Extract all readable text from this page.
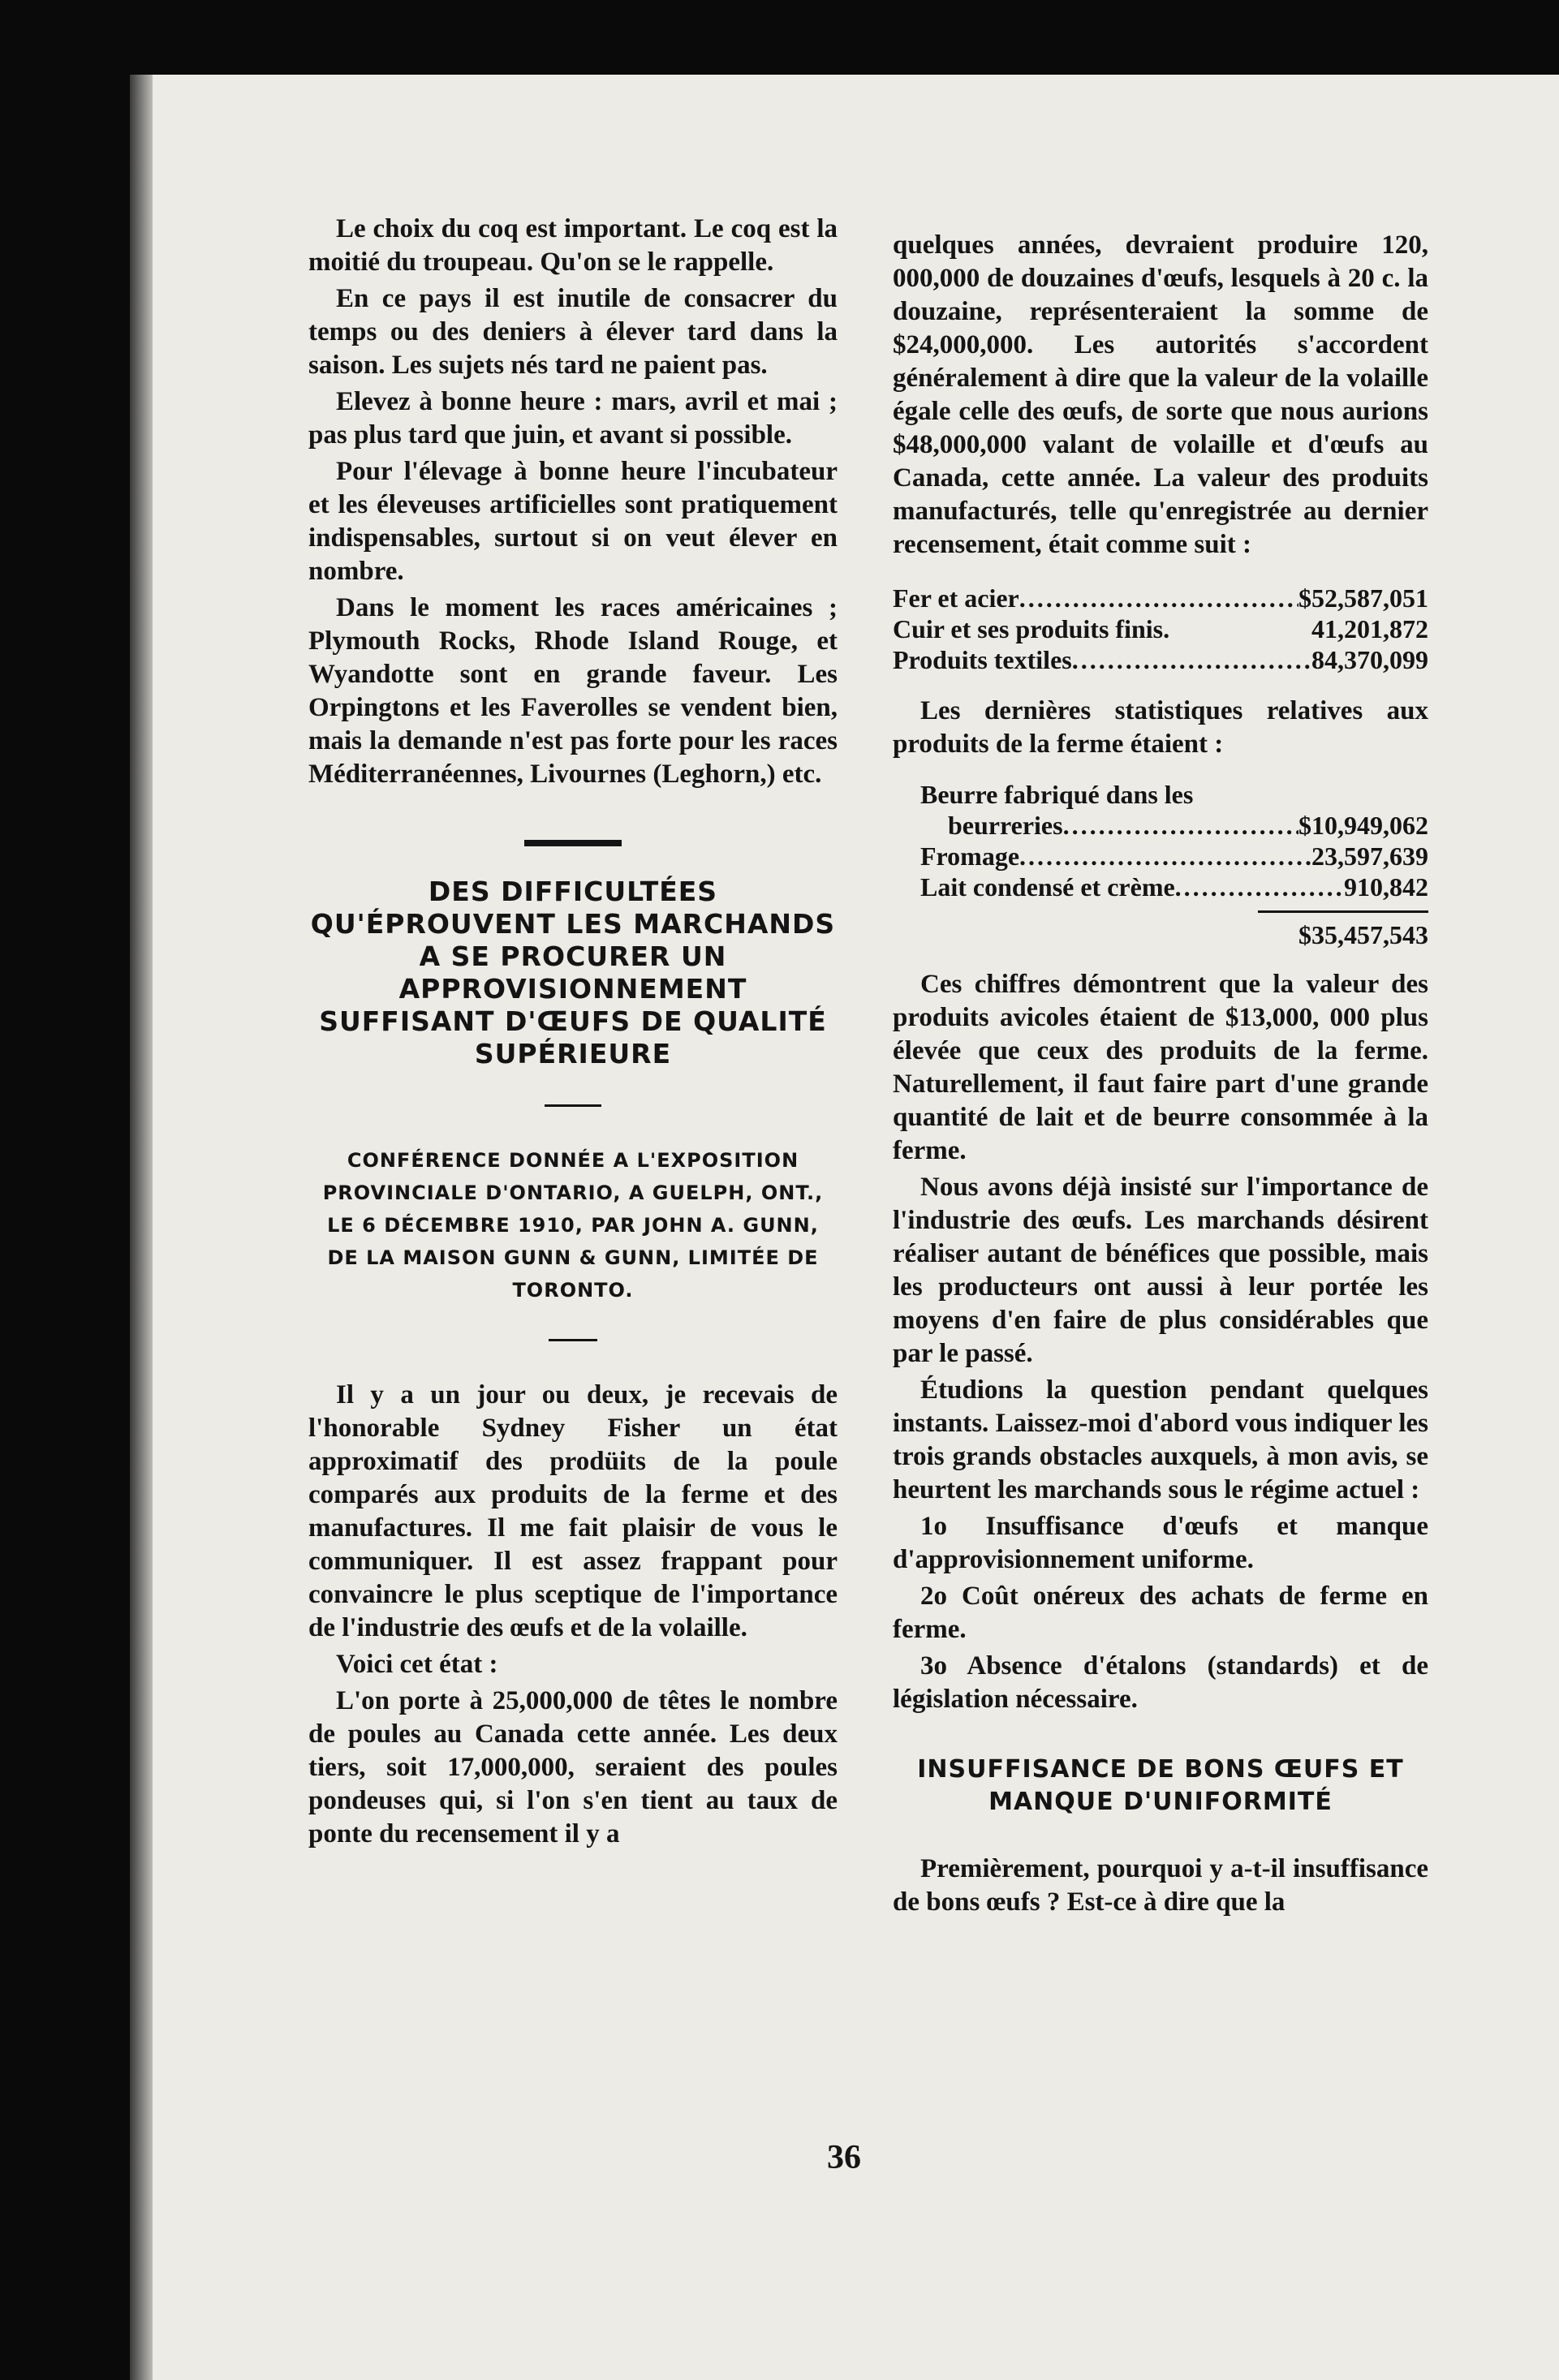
Le choix du coq est important. Le coq est la moitié du troupeau. Qu'on se le rappelle.

En ce pays il est inutile de consacrer du temps ou des deniers à élever tard dans la saison. Les sujets nés tard ne paient pas.

Elevez à bonne heure : mars, avril et mai ; pas plus tard que juin, et avant si possible.

Pour l'élevage à bonne heure l'incubateur et les éleveuses artificielles sont pratiquement indispensables, surtout si on veut élever en nombre.

Dans le moment les races américaines ; Plymouth Rocks, Rhode Island Rouge, et Wyandotte sont en grande faveur. Les Orpingtons et les Faverolles se vendent bien, mais la demande n'est pas forte pour les races Méditerranéennes, Livournes (Leghorn,) etc.

DES DIFFICULTÉES QU'ÉPROUVENT LES MARCHANDS A SE PROCURER UN APPROVISIONNEMENT SUFFISANT D'ŒUFS DE QUALITÉ SUPÉRIEURE
CONFÉRENCE DONNÉE A L'EXPOSITION PROVINCIALE D'ONTARIO, A GUELPH, ONT., LE 6 DÉCEMBRE 1910, PAR JOHN A. GUNN, DE LA MAISON GUNN & GUNN, LIMITÉE DE TORONTO.

Il y a un jour ou deux, je recevais de l'honorable Sydney Fisher un état approximatif des prodüits de la poule comparés aux produits de la ferme et des manufactures. Il me fait plaisir de vous le communiquer. Il est assez frappant pour convaincre le plus sceptique de l'importance de l'industrie des œufs et de la volaille.

Voici cet état :

L'on porte à 25,000,000 de têtes le nombre de poules au Canada cette année. Les deux tiers, soit 17,000,000, seraient des poules pondeuses qui, si l'on s'en tient au taux de ponte du recensement il y a

quelques années, devraient produire 120, 000,000 de douzaines d'œufs, lesquels à 20 c. la douzaine, représenteraient la somme de $24,000,000. Les autorités s'accordent généralement à dire que la valeur de la volaille égale celle des œufs, de sorte que nous aurions $48,000,000 valant de volaille et d'œufs au Canada, cette année. La valeur des produits manufacturés, telle qu'enregistrée au dernier recensement, était comme suit :

Fer et acier .....	$52,587,051
Cuir et ses produits finis.	41,201,872
Produits textiles .....	84,370,099

Les dernières statistiques relatives aux produits de la ferme étaient :

Beurre fabriqué dans les
beurreries .....	$10,949,062
Fromage .....	23,597,639
Lait condensé et crème .....	910,842
$35,457,543

Ces chiffres démontrent que la valeur des produits avicoles étaient de $13,000, 000 plus élevée que ceux des produits de la ferme. Naturellement, il faut faire part d'une grande quantité de lait et de beurre consommée à la ferme.

Nous avons déjà insisté sur l'importance de l'industrie des œufs. Les marchands désirent réaliser autant de bénéfices que possible, mais les producteurs ont aussi à leur portée les moyens d'en faire de plus considérables que par le passé.

Étudions la question pendant quelques instants. Laissez-moi d'abord vous indiquer les trois grands obstacles auxquels, à mon avis, se heurtent les marchands sous le régime actuel :

1o Insuffisance d'œufs et manque d'approvisionnement uniforme.

2o Coût onéreux des achats de ferme en ferme.

3o Absence d'étalons (standards) et de législation nécessaire.

INSUFFISANCE DE BONS ŒUFS ET MANQUE D'UNIFORMITÉ

Premièrement, pourquoi y a-t-il insuffisance de bons œufs ? Est-ce à dire que la

36
